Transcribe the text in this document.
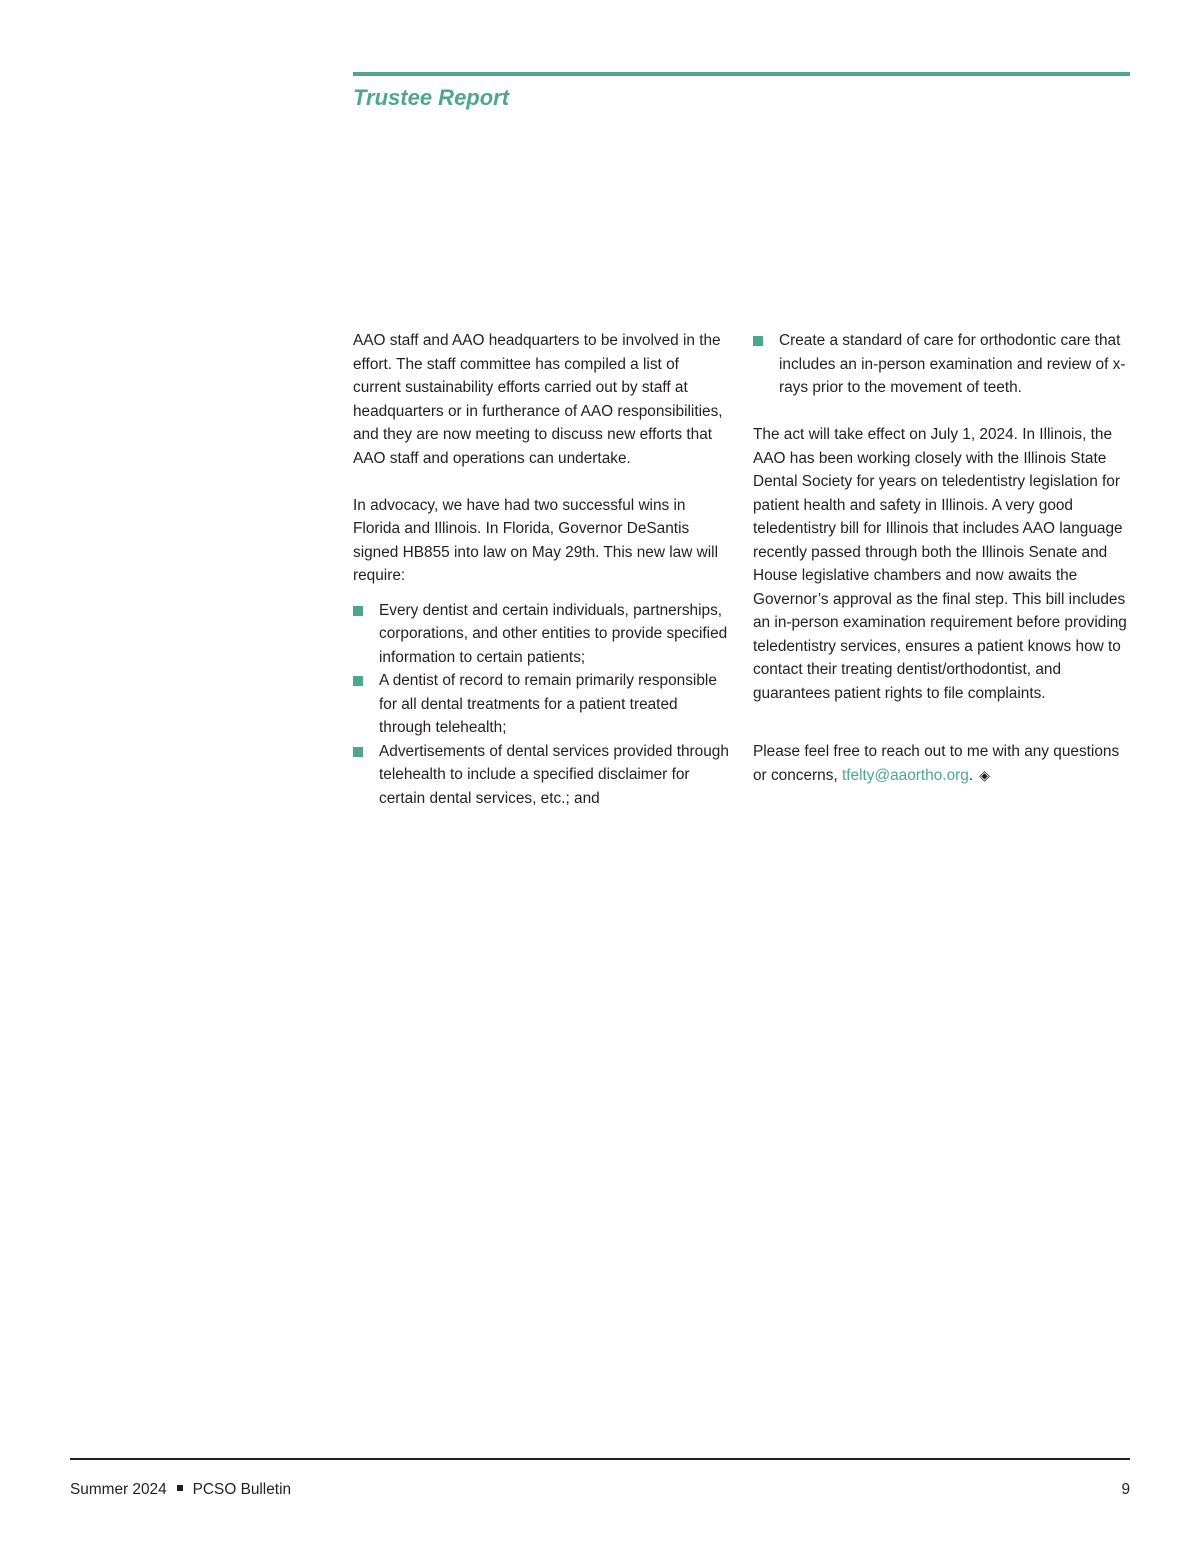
Trustee Report

AAO staff and AAO headquarters to be involved in the effort. The staff committee has compiled a list of current sustainability efforts carried out by staff at headquarters or in furtherance of AAO responsibilities, and they are now meeting to discuss new efforts that AAO staff and operations can undertake.

In advocacy, we have had two successful wins in Florida and Illinois. In Florida, Governor DeSantis signed HB855 into law on May 29th. This new law will require:

Every dentist and certain individuals, partnerships, corporations, and other entities to provide specified information to certain patients;
A dentist of record to remain primarily responsible for all dental treatments for a patient treated through telehealth;
Advertisements of dental services provided through telehealth to include a specified disclaimer for certain dental services, etc.; and
Create a standard of care for orthodontic care that includes an in-person examination and review of x-rays prior to the movement of teeth.

The act will take effect on July 1, 2024. In Illinois, the AAO has been working closely with the Illinois State Dental Society for years on teledentistry legislation for patient health and safety in Illinois. A very good teledentistry bill for Illinois that includes AAO language recently passed through both the Illinois Senate and House legislative chambers and now awaits the Governor’s approval as the final step. This bill includes an in-person examination requirement before providing teledentistry services, ensures a patient knows how to contact their treating dentist/orthodontist, and guarantees patient rights to file complaints.

Please feel free to reach out to me with any questions or concerns, tfelty@aaortho.org. ◈

Summer 2024 PCSO Bulletin	9
